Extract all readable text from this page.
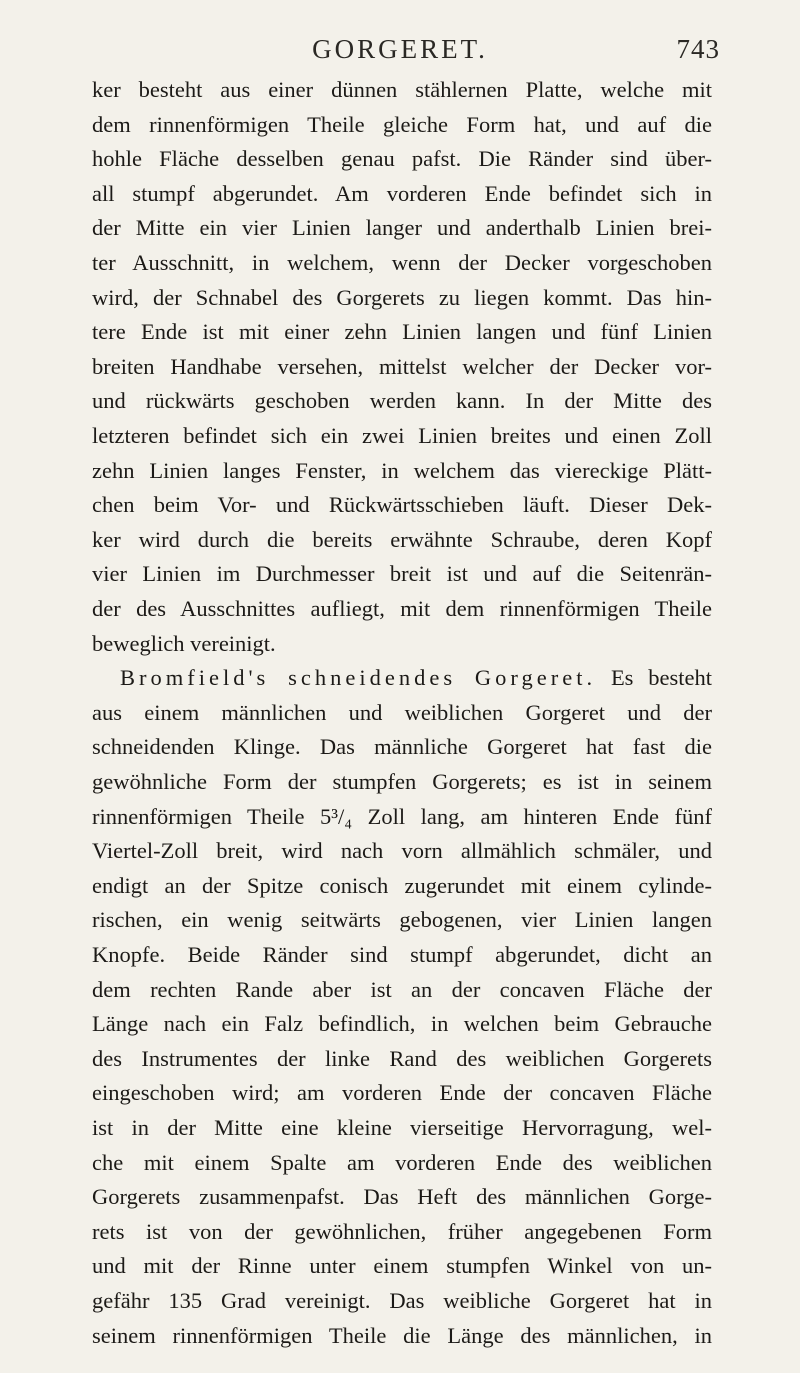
GORGERET.	743
ker besteht aus einer dünnen stählernen Platte, welche mit
dem rinnenförmigen Theile gleiche Form hat, und auf die
hohle Fläche desselben genau pafst. Die Ränder sind über-
all stumpf abgerundet. Am vorderen Ende befindet sich in
der Mitte ein vier Linien langer und anderthalb Linien brei-
ter Ausschnitt, in welchem, wenn der Decker vorgeschoben
wird, der Schnabel des Gorgerets zu liegen kommt. Das hin-
tere Ende ist mit einer zehn Linien langen und fünf Linien
breiten Handhabe versehen, mittelst welcher der Decker vor-
und rückwärts geschoben werden kann. In der Mitte des
letzteren befindet sich ein zwei Linien breites und einen Zoll
zehn Linien langes Fenster, in welchem das viereckige Plätt-
chen beim Vor- und Rückwärtsschieben läuft. Dieser Dek-
ker wird durch die bereits erwähnte Schraube, deren Kopf
vier Linien im Durchmesser breit ist und auf die Seitenrän-
der des Ausschnittes aufliegt, mit dem rinnenförmigen Theile
beweglich vereinigt.
Bromfield's schneidendes Gorgeret. Es besteht
aus einem männlichen und weiblichen Gorgeret und der
schneidenden Klinge. Das männliche Gorgeret hat fast die
gewöhnliche Form der stumpfen Gorgerets; es ist in seinem
rinnenförmigen Theile 5³/₄ Zoll lang, am hinteren Ende fünf
Viertel-Zoll breit, wird nach vorn allmählich schmäler, und
endigt an der Spitze conisch zugerundet mit einem cylinde-
rischen, ein wenig seitwärts gebogenen, vier Linien langen
Knopfe. Beide Ränder sind stumpf abgerundet, dicht an
dem rechten Rande aber ist an der concaven Fläche der
Länge nach ein Falz befindlich, in welchen beim Gebrauche
des Instrumentes der linke Rand des weiblichen Gorgerets
eingeschoben wird; am vorderen Ende der concaven Fläche
ist in der Mitte eine kleine vierseitige Hervorragung, wel-
che mit einem Spalte am vorderen Ende des weiblichen
Gorgerets zusammenpafst. Das Heft des männlichen Gorge-
rets ist von der gewöhnlichen, früher angegebenen Form
und mit der Rinne unter einem stumpfen Winkel von un-
gefähr 135 Grad vereinigt. Das weibliche Gorgeret hat in
seinem rinnenförmigen Theile die Länge des männlichen, in
